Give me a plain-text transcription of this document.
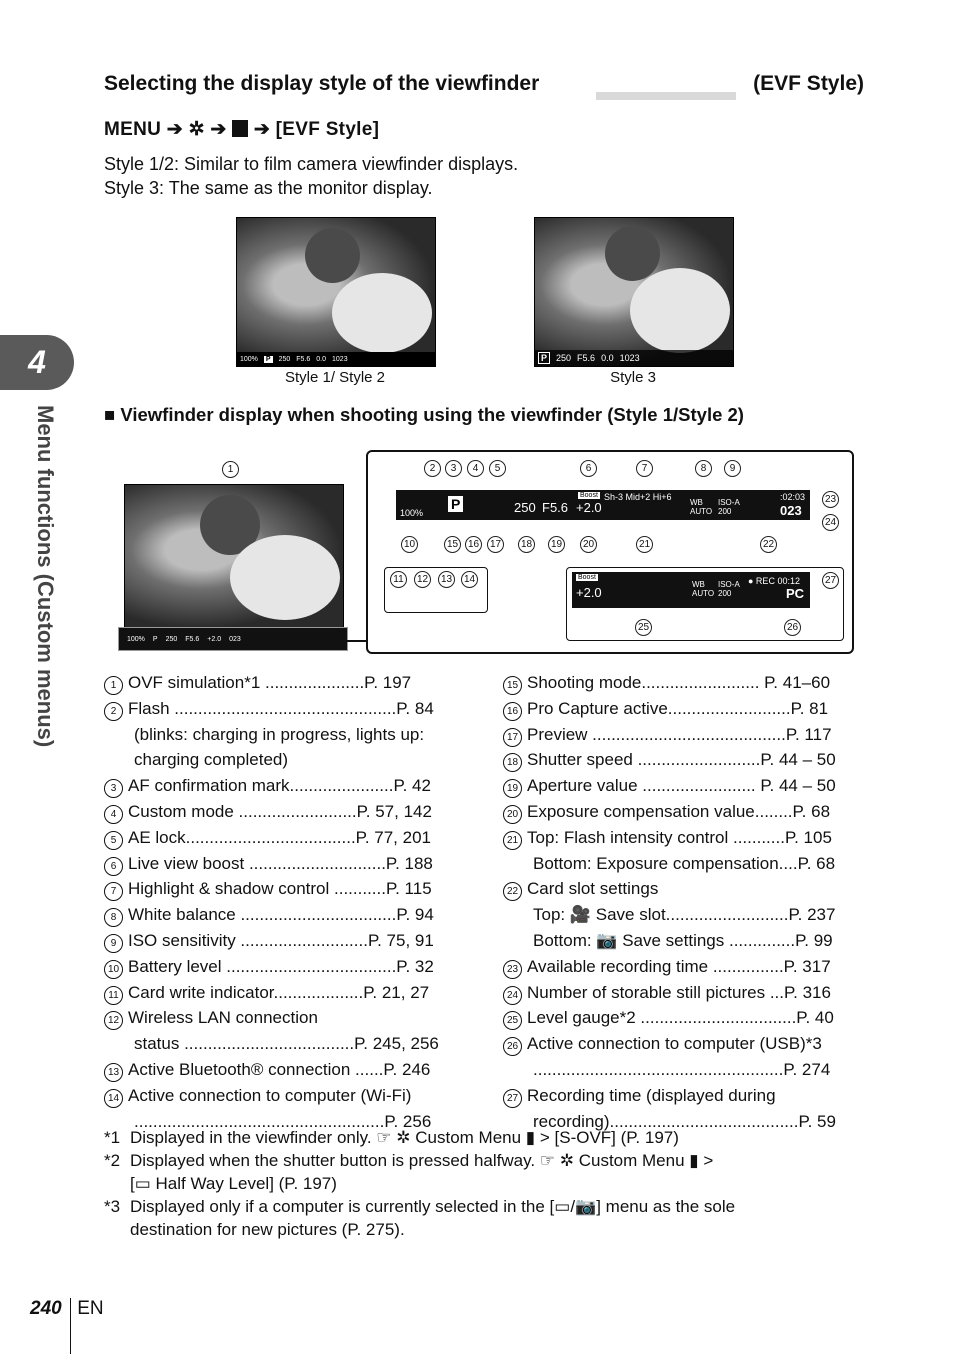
Selecting the display style of the viewfinder	(EVF Style)
MENU ➔ ✲ ➔ ➔ [EVF Style]
Style 1/2: Similar to film camera viewfinder displays.
Style 3: The same as the monitor display.
100% P 250 F5.6 0.0 1023
Style 1/ Style 2
P	250 F5.6 0.0 1023
Style 3
4
Menu functions (Custom menus) ■ Viewfinder display when shooting using the viewfinder (Style 1/Style 2)
1
100% P 250 F5.6 +2.0 023
100%
P	250 F5.6 +2.0
Boost Sh-3 Mid+2 Hi+6
WB AUTO
ISO-A 200
:02:03
023
Boost
+2.0
WB AUTO
ISO-A 200
● REC 00:12
PC
2	3	4	5	6	7	8	9
23
24
10	15 16 17 18 19 20	21	22
11	12 13 14	27
25	26
1 OVF simulation*1 .....................P. 197
2 Flash ...............................................P. 84
(blinks: charging in progress, lights up:
charging completed)
3 AF confirmation mark......................P. 42
4 Custom mode .........................P. 57, 142
5 AE lock....................................P. 77, 201
6 Live view boost .............................P. 188
7 Highlight & shadow control ...........P. 115
8 White balance .................................P. 94
9 ISO sensitivity ...........................P. 75, 91
10 Battery level ....................................P. 32
11 Card write indicator...................P. 21, 27
12 Wireless LAN connection
status ....................................P. 245, 256
13 Active Bluetooth® connection ......P. 246
14 Active connection to computer (Wi-Fi)
.....................................................P. 256
15 Shooting mode......................... P. 41–60
16 Pro Capture active..........................P. 81
17 Preview .........................................P. 117
18 Shutter speed ..........................P. 44 – 50
19 Aperture value ........................ P. 44 – 50
20 Exposure compensation value........P. 68
21 Top: Flash intensity control ...........P. 105
Bottom: Exposure compensation....P. 68
22 Card slot settings
Top: 🎥 Save slot..........................P. 237
Bottom: 📷 Save settings ..............P. 99
23 Available recording time ...............P. 317
24 Number of storable still pictures ...P. 316
25 Level gauge*2 .................................P. 40
26 Active connection to computer (USB)*3
.....................................................P. 274
27 Recording time (displayed during
recording)........................................P. 59
*1 Displayed in the viewfinder only. ☞ ✲ Custom Menu ▮ > [S-OVF] (P. 197)
*2 Displayed when the shutter button is pressed halfway. ☞ ✲ Custom Menu ▮ >
[▭ Half Way Level] (P. 197)
*3 Displayed only if a computer is currently selected in the [▭/📷] menu as the sole
destination for new pictures (P. 275).
240 EN
